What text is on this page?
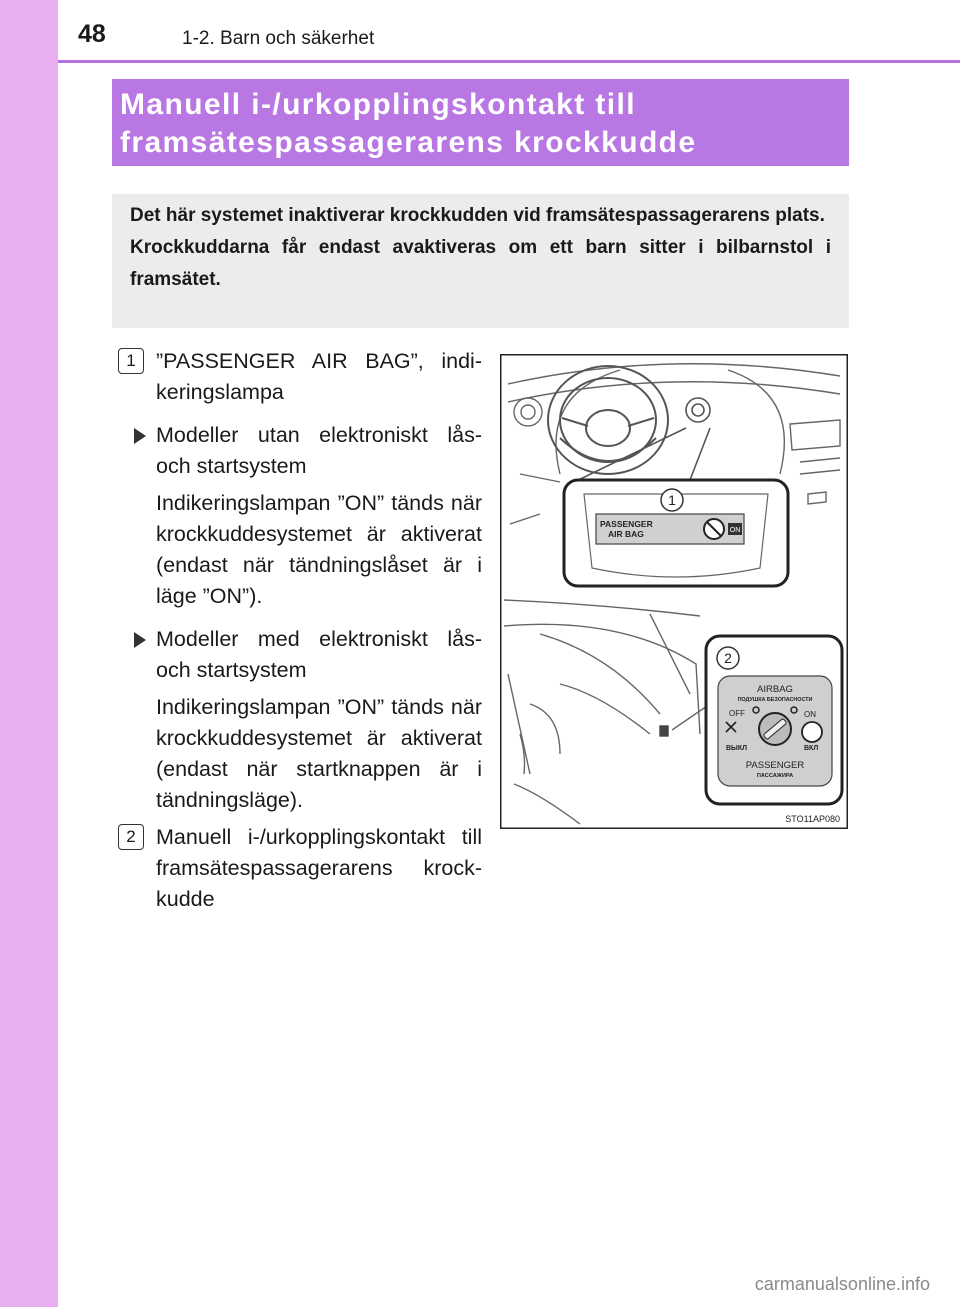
48	1-2. Barn och säkerhet
Manuell i-/urkopplingskontakt till
framsätespassagerarens krockkudde

Det här systemet inaktiverar krockkudden vid framsätespassagerarens plats.

Krockkuddarna får endast avaktiveras om ett barn sitter i bilbarnstol i framsätet.

1 ”PASSENGER AIR BAG”, indikeringslampa
Modeller utan elektroniskt lås- och startsystem
Indikeringslampan ”ON” tänds när krockkuddesystemet är aktiverat (endast när tändningslåset är i läge ”ON”).
Modeller med elektroniskt lås- och startsystem
Indikeringslampan ”ON” tänds när krockkuddesystemet är aktiverat (endast när startknappen är i tändningsläge).
2 Manuell i-/urkopplingskontakt till framsätespassagerarens krockkudde
1
PASSENGER
AIR BAG	ON
2
AIRBAG
ПОДУШКА БЕЗОПАСНОСТИ
OFF	ON
ВЫКЛ	ВКЛ
PASSENGER
ПАССАЖИРА
STO11AP080
carmanualsonline.info
